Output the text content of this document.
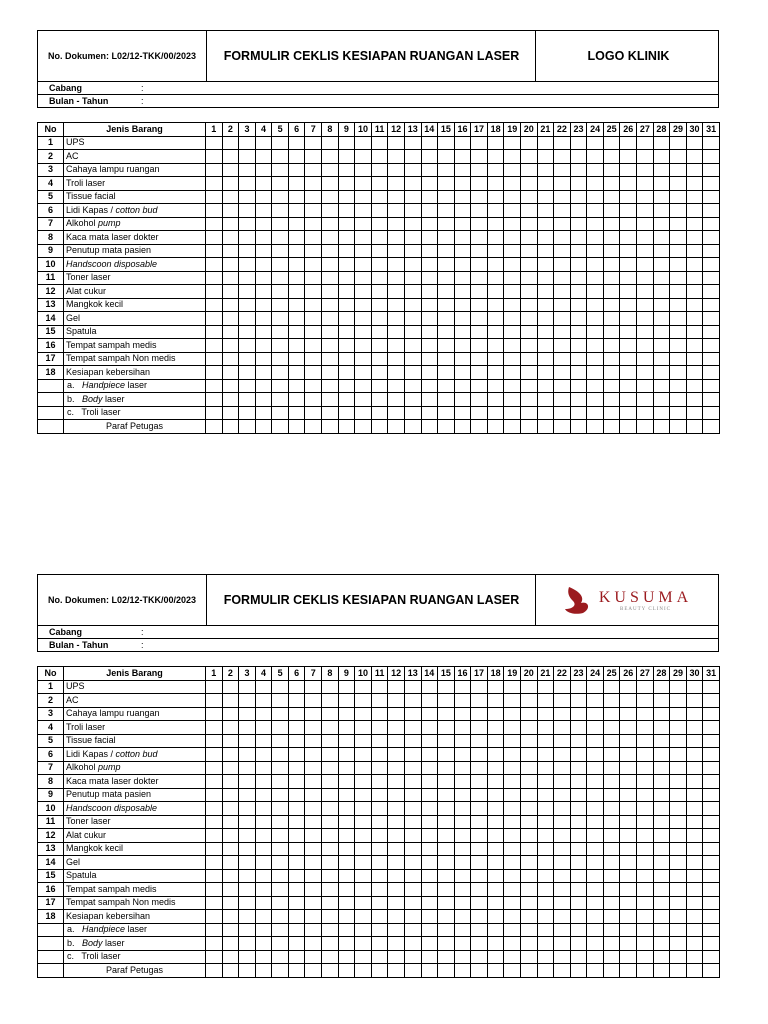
No. Dokumen: L02/12-TKK/00/2023	FORMULIR CEKLIS KESIAPAN RUANGAN LASER	LOGO KLINIK
Cabang	:
Bulan - Tahun	:
No	Jenis Barang	1	2	3	4	5	6	7	8	9	10	11	12	13	14	15	16	17	18	19	20	21	22	23	24	25	26	27	28	29	30	31
1	UPS																															
2	AC																															
3	Cahaya lampu ruangan																															
4	Troli laser																															
5	Tissue facial																															
6	Lidi Kapas / cotton bud																															
7	Alkohol pump																															
8	Kaca mata laser dokter																															
9	Penutup mata pasien																															
10	Handscoon disposable																															
11	Toner laser																															
12	Alat cukur																															
13	Mangkok kecil																															
14	Gel																															
15	Spatula																															
16	Tempat sampah medis																															
17	Tempat sampah Non medis																															
18	Kesiapan kebersihan																															
	a.   Handpiece laser																															
	b.   Body laser																															
	c.   Troli laser																															
	Paraf Petugas																															
No. Dokumen: L02/12-TKK/00/2023	FORMULIR CEKLIS KESIAPAN RUANGAN LASER	KUSUMA
BEAUTY CLINIC
Cabang	:
Bulan - Tahun	:
No	Jenis Barang	1	2	3	4	5	6	7	8	9	10	11	12	13	14	15	16	17	18	19	20	21	22	23	24	25	26	27	28	29	30	31
1	UPS																															
2	AC																															
3	Cahaya lampu ruangan																															
4	Troli laser																															
5	Tissue facial																															
6	Lidi Kapas / cotton bud																															
7	Alkohol pump																															
8	Kaca mata laser dokter																															
9	Penutup mata pasien																															
10	Handscoon disposable																															
11	Toner laser																															
12	Alat cukur																															
13	Mangkok kecil																															
14	Gel																															
15	Spatula																															
16	Tempat sampah medis																															
17	Tempat sampah Non medis																															
18	Kesiapan kebersihan																															
	a.   Handpiece laser																															
	b.   Body laser																															
	c.   Troli laser																															
	Paraf Petugas																															
